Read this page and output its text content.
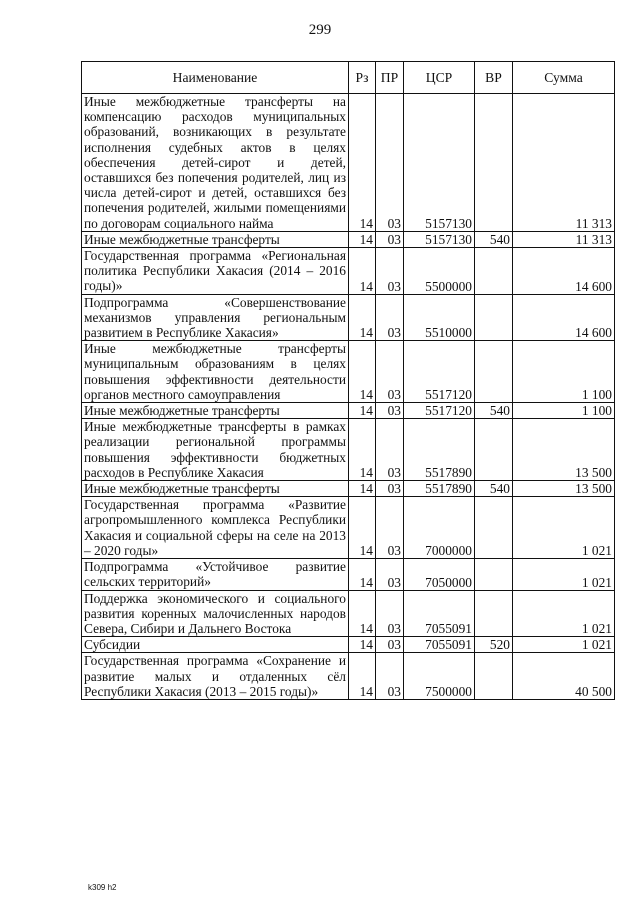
299
Наименование	Рз	ПР	ЦСР	ВР	Сумма
Иные межбюджетные трансферты на компенсацию расходов муниципальных образований, возникающих в результате исполнения судебных актов в целях обеспечения детей-сирот и детей, оставшихся без попечения родителей, лиц из числа детей-сирот и детей, оставшихся без попечения родителей, жилыми помещениями по договорам социального найма	14	03	5157130		11 313
Иные межбюджетные трансферты	14	03	5157130	540	11 313
Государственная программа «Региональная политика Республики Хакасия (2014 – 2016 годы)»	14	03	5500000		14 600
Подпрограмма «Совершенствование механизмов управления региональным развитием в Республике Хакасия»	14	03	5510000		14 600
Иные межбюджетные трансферты муниципальным образованиям в целях повышения эффективности деятельности органов местного самоуправления	14	03	5517120		1 100
Иные межбюджетные трансферты	14	03	5517120	540	1 100
Иные межбюджетные трансферты в рамках реализации региональной программы повышения эффективности бюджетных расходов в Республике Хакасия	14	03	5517890		13 500
Иные межбюджетные трансферты	14	03	5517890	540	13 500
Государственная программа «Развитие агропромышленного комплекса Республики Хакасия и социальной сферы на селе на 2013 – 2020 годы»	14	03	7000000		1 021
Подпрограмма «Устойчивое развитие сельских территорий»	14	03	7050000		1 021
Поддержка экономического и социального развития коренных малочисленных народов Севера, Сибири и Дальнего Востока	14	03	7055091		1 021
Субсидии	14	03	7055091	520	1 021
Государственная программа «Сохранение и развитие малых и отдаленных сёл Республики Хакасия (2013 – 2015 годы)»	14	03	7500000		40 500
k309 h2
